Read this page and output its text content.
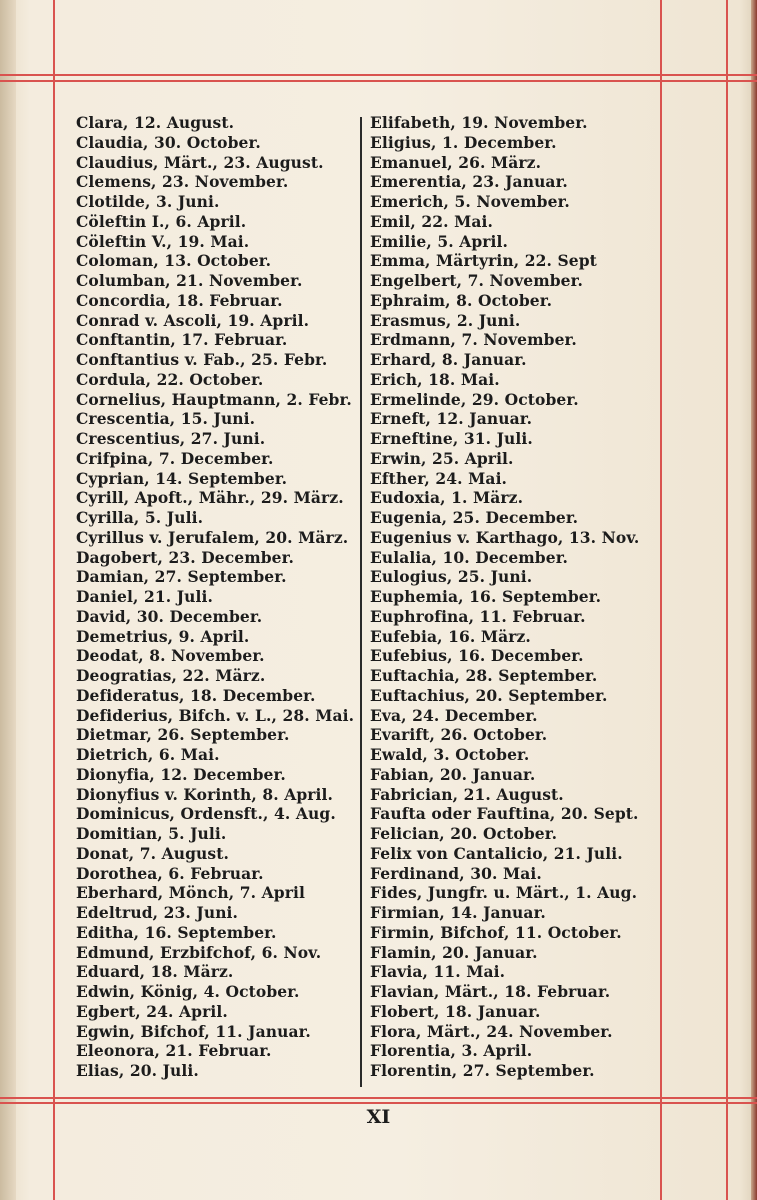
Clara, 12. August.
Claudia, 30. October.
Claudius, Märt., 23. August.
Clemens, 23. November.
Clotilde, 3. Juni.
Cöleftin I., 6. April.
Cöleftin V., 19. Mai.
Coloman, 13. October.
Columban, 21. November.
Concordia, 18. Februar.
Conrad v. Ascoli, 19. April.
Conftantin, 17. Februar.
Conftantius v. Fab., 25. Febr.
Cordula, 22. October.
Cornelius, Hauptmann, 2. Febr.
Crescentia, 15. Juni.
Crescentius, 27. Juni.
Crifpina, 7. December.
Cyprian, 14. September.
Cyrill, Apoft., Mähr., 29. März.
Cyrilla, 5. Juli.
Cyrillus v. Jerufalem, 20. März.
Dagobert, 23. December.
Damian, 27. September.
Daniel, 21. Juli.
David, 30. December.
Demetrius, 9. April.
Deodat, 8. November.
Deogratias, 22. März.
Defideratus, 18. December.
Defiderius, Bifch. v. L., 28. Mai.
Dietmar, 26. September.
Dietrich, 6. Mai.
Dionyfia, 12. December.
Dionyfius v. Korinth, 8. April.
Dominicus, Ordensft., 4. Aug.
Domitian, 5. Juli.
Donat, 7. August.
Dorothea, 6. Februar.
Eberhard, Mönch, 7. April
Edeltrud, 23. Juni.
Editha, 16. September.
Edmund, Erzbifchof, 6. Nov.
Eduard, 18. März.
Edwin, König, 4. October.
Egbert, 24. April.
Egwin, Bifchof, 11. Januar.
Eleonora, 21. Februar.
Elias, 20. Juli.
Elifabeth, 19. November.
Eligius, 1. December.
Emanuel, 26. März.
Emerentia, 23. Januar.
Emerich, 5. November.
Emil, 22. Mai.
Emilie, 5. April.
Emma, Märtyrin, 22. Sept
Engelbert, 7. November.
Ephraim, 8. October.
Erasmus, 2. Juni.
Erdmann, 7. November.
Erhard, 8. Januar.
Erich, 18. Mai.
Ermelinde, 29. October.
Erneft, 12. Januar.
Erneftine, 31. Juli.
Erwin, 25. April.
Efther, 24. Mai.
Eudoxia, 1. März.
Eugenia, 25. December.
Eugenius v. Karthago, 13. Nov.
Eulalia, 10. December.
Eulogius, 25. Juni.
Euphemia, 16. September.
Euphrofina, 11. Februar.
Eufebia, 16. März.
Eufebius, 16. December.
Euftachia, 28. September.
Euftachius, 20. September.
Eva, 24. December.
Evarift, 26. October.
Ewald, 3. October.
Fabian, 20. Januar.
Fabrician, 21. August.
Faufta oder Fauftina, 20. Sept.
Felician, 20. October.
Felix von Cantalicio, 21. Juli.
Ferdinand, 30. Mai.
Fides, Jungfr. u. Märt., 1. Aug.
Firmian, 14. Januar.
Firmin, Bifchof, 11. October.
Flamin, 20. Januar.
Flavia, 11. Mai.
Flavian, Märt., 18. Februar.
Flobert, 18. Januar.
Flora, Märt., 24. November.
Florentia, 3. April.
Florentin, 27. September.
XI
